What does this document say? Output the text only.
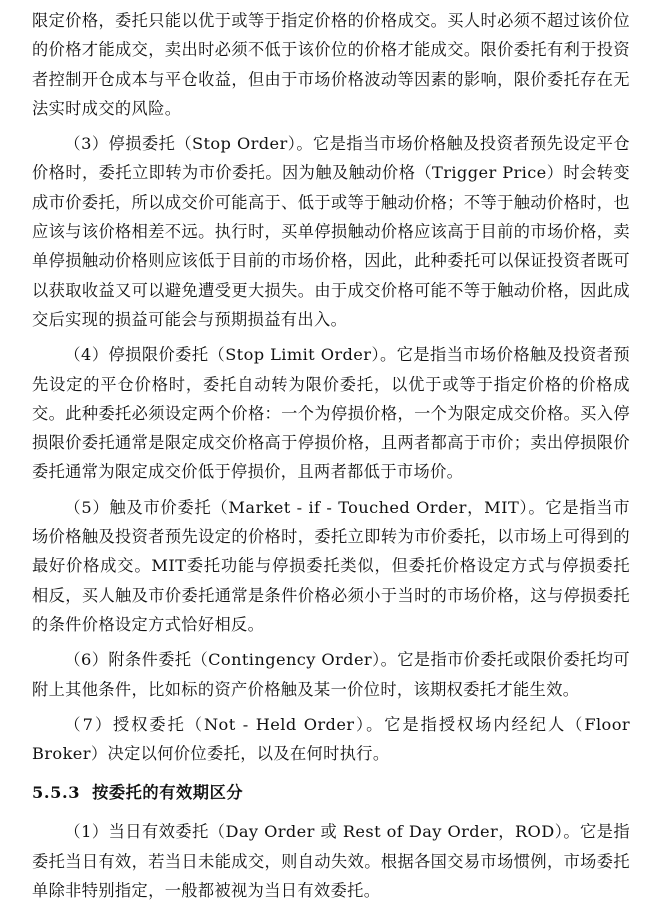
限定价格，委托只能以优于或等于指定价格的价格成交。买人时必须不超过该价位的价格才能成交，卖出时必须不低于该价位的价格才能成交。限价委托有利于投资者控制开仓成本与平仓收益，但由于市场价格波动等因素的影响，限价委托存在无法实时成交的风险。

（3）停损委托（Stop Order）。它是指当市场价格触及投资者预先设定平仓价格时，委托立即转为市价委托。因为触及触动价格（Trigger Price）时会转变成市价委托，所以成交价可能高于、低于或等于触动价格；不等于触动价格时，也应该与该价格相差不远。执行时，买单停损触动价格应该高于目前的市场价格，卖单停损触动价格则应该低于目前的市场价格，因此，此种委托可以保证投资者既可以获取收益又可以避免遭受更大损失。由于成交价格可能不等于触动价格，因此成交后实现的损益可能会与预期损益有出入。

（4）停损限价委托（Stop Limit Order）。它是指当市场价格触及投资者预先设定的平仓价格时，委托自动转为限价委托，以优于或等于指定价格的价格成交。此种委托必须设定两个价格：一个为停损价格，一个为限定成交价格。买入停损限价委托通常是限定成交价格高于停损价格，且两者都高于市价；卖出停损限价委托通常为限定成交价低于停损价，且两者都低于市场价。

（5）触及市价委托（Market - if - Touched Order，MIT）。它是指当市场价格触及投资者预先设定的价格时，委托立即转为市价委托，以市场上可得到的最好价格成交。MIT委托功能与停损委托类似，但委托价格设定方式与停损委托相反，买人触及市价委托通常是条件价格必须小于当时的市场价格，这与停损委托的条件价格设定方式恰好相反。

（6）附条件委托（Contingency Order）。它是指市价委托或限价委托均可附上其他条件，比如标的资产价格触及某一价位时，该期权委托才能生效。

（7）授权委托（Not - Held Order）。它是指授权场内经纪人（Floor Broker）决定以何价位委托，以及在何时执行。

5.5.3 按委托的有效期区分

（1）当日有效委托（Day Order 或 Rest of Day Order，ROD）。它是指委托当日有效，若当日未能成交，则自动失效。根据各国交易市场惯例，市场委托单除非特别指定，一般都被视为当日有效委托。
